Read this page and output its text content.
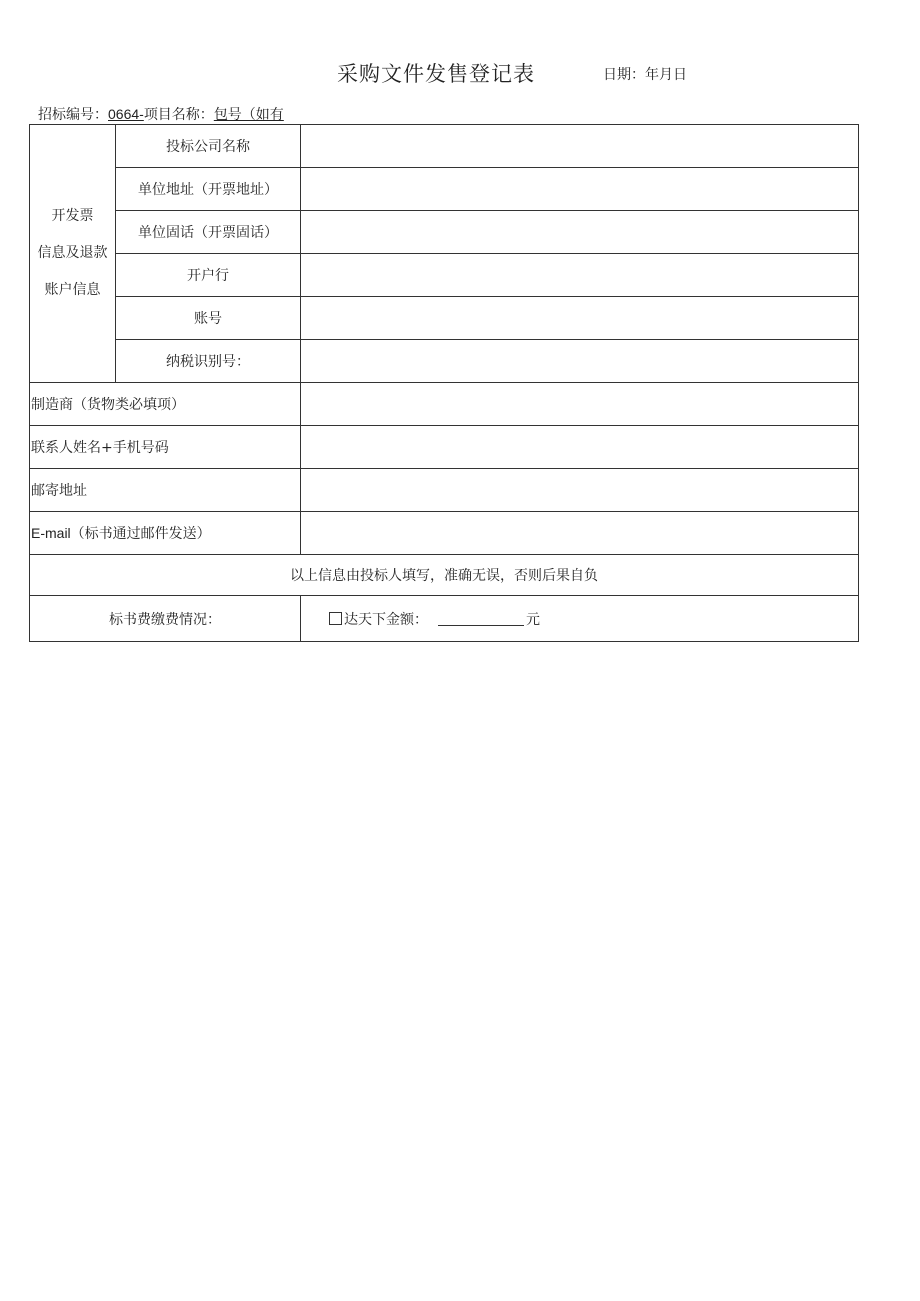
采购文件发售登记表	日期：年月日
招标编号：0664-项目名称：包号（如有
开发票
信息及退款
账户信息	投标公司名称	
	单位地址（开票地址）	
	单位固话（开票固话）	
	开户行	
	账号	
	纳税识别号：	
制造商（货物类必填项）		
联系人姓名+手机号码		
邮寄地址		
E-mail（标书通过邮件发送）		
以上信息由投标人填写，准确无误，否则后果自负		
标书费缴费情况：		达天下金额： 元
